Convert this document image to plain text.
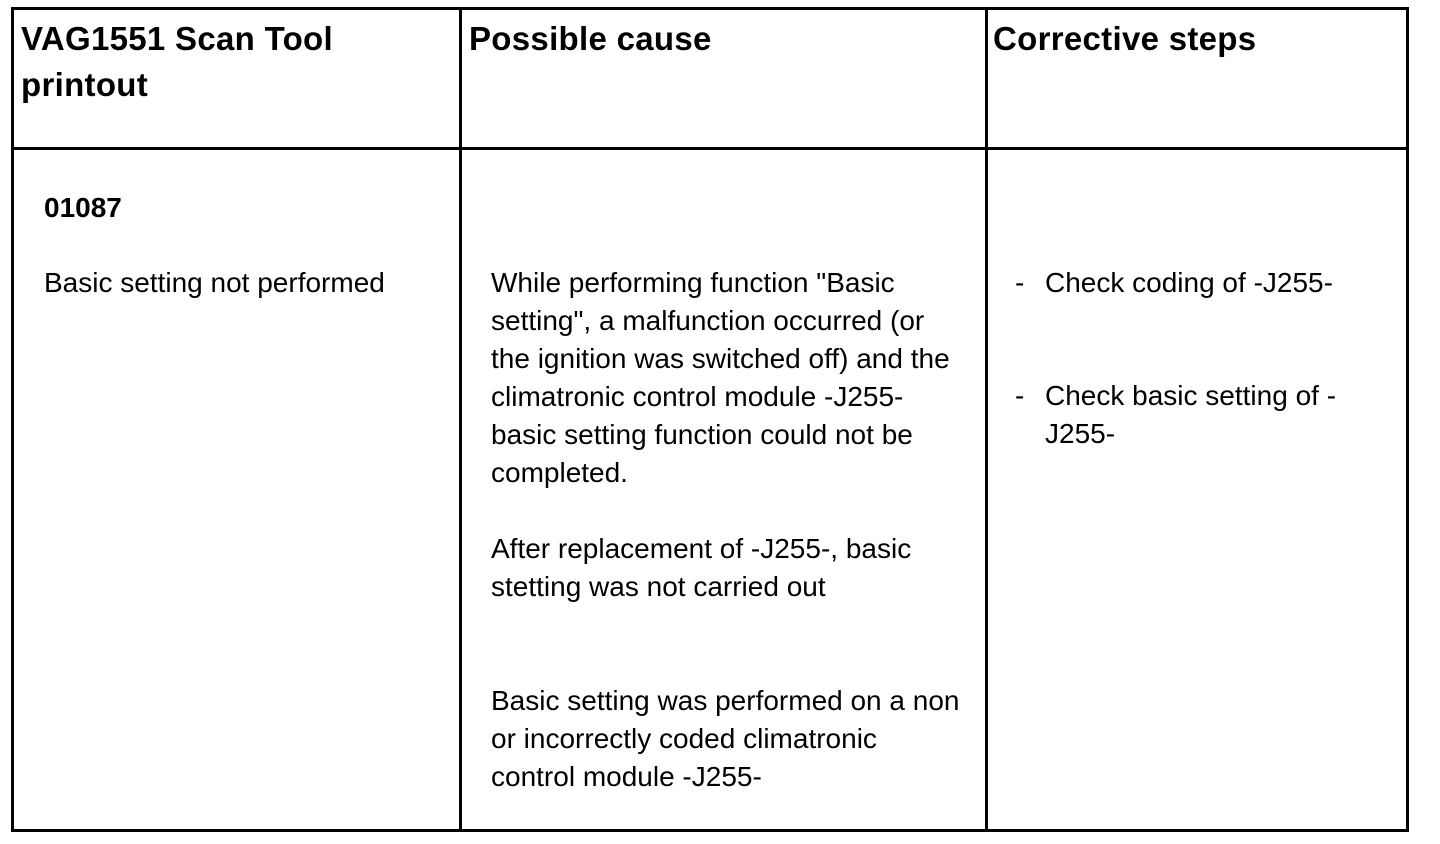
VAG1551 Scan Tool printout
Possible cause	Corrective steps
01087
Basic setting not performed	While performing function "Basic setting", a malfunction occurred (or the ignition was switched off) and the climatronic control module -J255- basic setting function could not be completed.

After replacement of -J255-, basic stetting was not carried out

Basic setting was performed on a non or incorrectly coded climatronic control module -J255-

- Check coding of -J255-
- Check basic setting of -J255-
